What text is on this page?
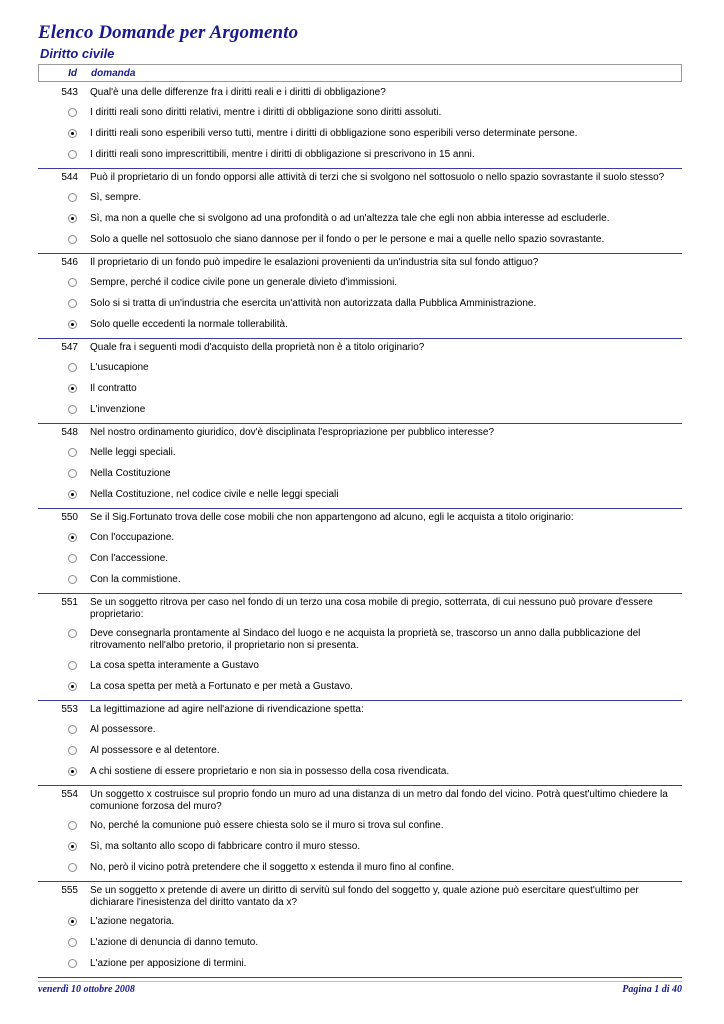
Elenco Domande per Argomento
Diritto civile
Id domanda
543 Qual'è una delle differenze fra i diritti reali e i diritti di obbligazione?
I diritti reali sono diritti relativi, mentre i diritti di obbligazione sono diritti assoluti.
I diritti reali sono esperibili verso tutti, mentre i diritti di obbligazione sono esperibili verso determinate persone.
I diritti reali sono imprescrittibili, mentre i diritti di obbligazione si prescrivono in 15 anni.
544 Può il proprietario di un fondo opporsi alle attività di terzi che si svolgono nel sottosuolo o nello spazio sovrastante il suolo stesso?
Sì, sempre.
Sì, ma non a quelle che si svolgono ad una profondità o ad un'altezza tale che egli non abbia interesse ad escluderle.
Solo a quelle nel sottosuolo che siano dannose per il fondo o per le persone e mai a quelle nello spazio sovrastante.
546 Il proprietario di un fondo può impedire le esalazioni provenienti da un'industria sita sul fondo attiguo?
Sempre, perché il codice civile pone un generale divieto d'immissioni.
Solo si si tratta di un'industria che esercita un'attività non autorizzata dalla Pubblica Amministrazione.
Solo quelle eccedenti la normale tollerabilità.
547 Quale fra i seguenti modi d'acquisto della proprietà non è a titolo originario?
L'usucapione
Il contratto
L'invenzione
548 Nel nostro ordinamento giuridico, dov'è disciplinata l'espropriazione per pubblico interesse?
Nelle leggi speciali.
Nella Costituzione
Nella Costituzione, nel codice civile e nelle leggi speciali
550 Se il Sig.Fortunato trova delle cose mobili che non appartengono ad alcuno, egli le acquista a titolo originario:
Con l'occupazione.
Con l'accessione.
Con la commistione.
551 Se un soggetto ritrova per caso nel fondo di un terzo una cosa mobile di pregio, sotterrata, di cui nessuno può provare d'essere proprietario:
Deve consegnarla prontamente al Sindaco del luogo e ne acquista la proprietà se, trascorso un anno dalla pubblicazione del ritrovamento nell'albo pretorio, il proprietario non si presenta.
La cosa spetta interamente a Gustavo
La cosa spetta per metà a Fortunato e per metà a Gustavo.
553 La legittimazione ad agire nell'azione di rivendicazione spetta:
Al possessore.
Al possessore e al detentore.
A chi sostiene di essere proprietario e non sia in possesso della cosa rivendicata.
554 Un soggetto x costruisce sul proprio fondo un muro ad una distanza di un metro dal fondo del vicino. Potrà quest'ultimo chiedere la comunione forzosa del muro?
No, perché la comunione può essere chiesta solo se il muro si trova sul confine.
Sì, ma soltanto allo scopo di fabbricare contro il muro stesso.
No, però il vicino potrà pretendere che il soggetto x estenda il muro fino al confine.
555 Se un soggetto x pretende di avere un diritto di servitù sul fondo del soggetto y, quale azione può esercitare quest'ultimo per dichiarare l'inesistenza del diritto vantato da x?
L'azione negatoria.
L'azione di denuncia di danno temuto.
L'azione per apposizione di termini.
venerdì 10 ottobre 2008	Pagina 1 di 40
